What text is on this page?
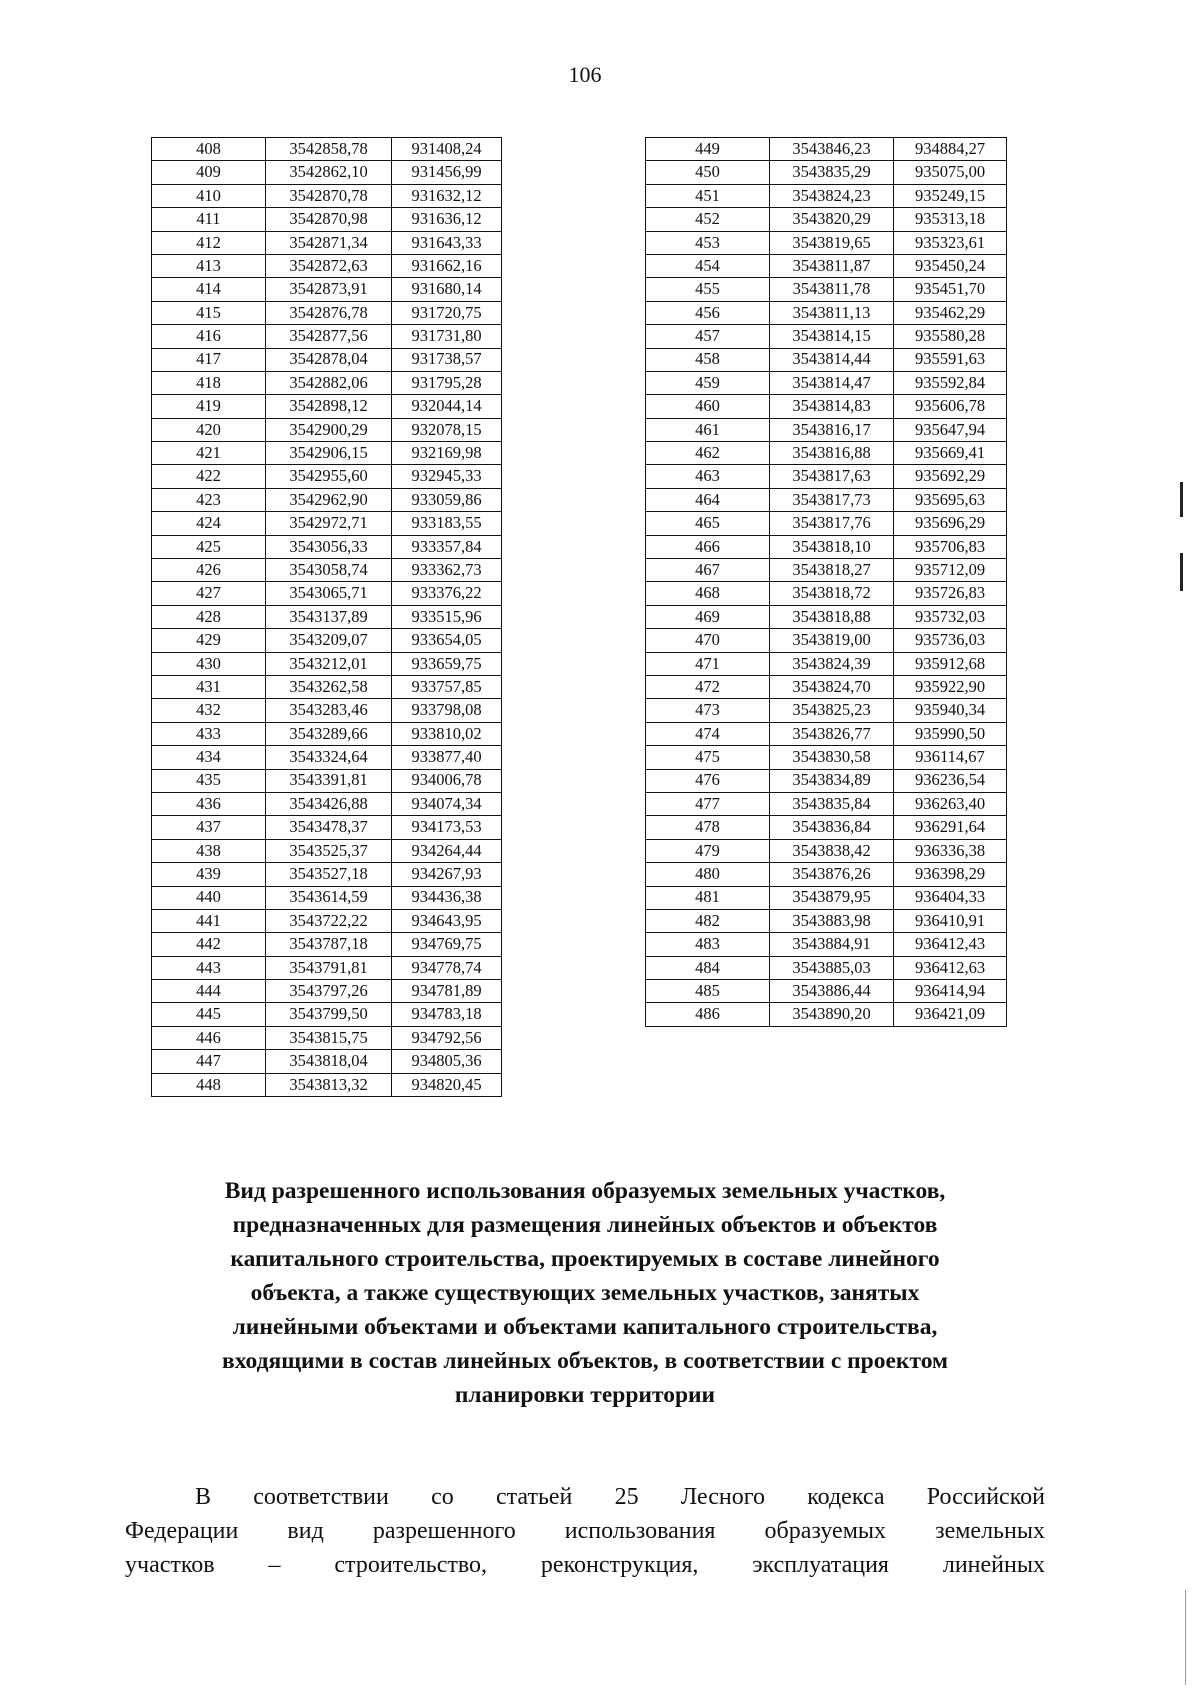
106
408	3542858,78	931408,24
409	3542862,10	931456,99
410	3542870,78	931632,12
411	3542870,98	931636,12
412	3542871,34	931643,33
413	3542872,63	931662,16
414	3542873,91	931680,14
415	3542876,78	931720,75
416	3542877,56	931731,80
417	3542878,04	931738,57
418	3542882,06	931795,28
419	3542898,12	932044,14
420	3542900,29	932078,15
421	3542906,15	932169,98
422	3542955,60	932945,33
423	3542962,90	933059,86
424	3542972,71	933183,55
425	3543056,33	933357,84
426	3543058,74	933362,73
427	3543065,71	933376,22
428	3543137,89	933515,96
429	3543209,07	933654,05
430	3543212,01	933659,75
431	3543262,58	933757,85
432	3543283,46	933798,08
433	3543289,66	933810,02
434	3543324,64	933877,40
435	3543391,81	934006,78
436	3543426,88	934074,34
437	3543478,37	934173,53
438	3543525,37	934264,44
439	3543527,18	934267,93
440	3543614,59	934436,38
441	3543722,22	934643,95
442	3543787,18	934769,75
443	3543791,81	934778,74
444	3543797,26	934781,89
445	3543799,50	934783,18
446	3543815,75	934792,56
447	3543818,04	934805,36
448	3543813,32	934820,45
449	3543846,23	934884,27
450	3543835,29	935075,00
451	3543824,23	935249,15
452	3543820,29	935313,18
453	3543819,65	935323,61
454	3543811,87	935450,24
455	3543811,78	935451,70
456	3543811,13	935462,29
457	3543814,15	935580,28
458	3543814,44	935591,63
459	3543814,47	935592,84
460	3543814,83	935606,78
461	3543816,17	935647,94
462	3543816,88	935669,41
463	3543817,63	935692,29
464	3543817,73	935695,63
465	3543817,76	935696,29
466	3543818,10	935706,83
467	3543818,27	935712,09
468	3543818,72	935726,83
469	3543818,88	935732,03
470	3543819,00	935736,03
471	3543824,39	935912,68
472	3543824,70	935922,90
473	3543825,23	935940,34
474	3543826,77	935990,50
475	3543830,58	936114,67
476	3543834,89	936236,54
477	3543835,84	936263,40
478	3543836,84	936291,64
479	3543838,42	936336,38
480	3543876,26	936398,29
481	3543879,95	936404,33
482	3543883,98	936410,91
483	3543884,91	936412,43
484	3543885,03	936412,63
485	3543886,44	936414,94
486	3543890,20	936421,09
Вид разрешенного использования образуемых земельных участков,
предназначенных для размещения линейных объектов и объектов
капитального строительства, проектируемых в составе линейного
объекта, а также существующих земельных участков, занятых
линейными объектами и объектами капитального строительства,
входящими в состав линейных объектов, в соответствии с проектом
планировки территории
В соответствии со статьей 25 Лесного кодекса Российской
Федерации вид разрешенного использования образуемых земельных
участков – строительство, реконструкция, эксплуатация линейных
